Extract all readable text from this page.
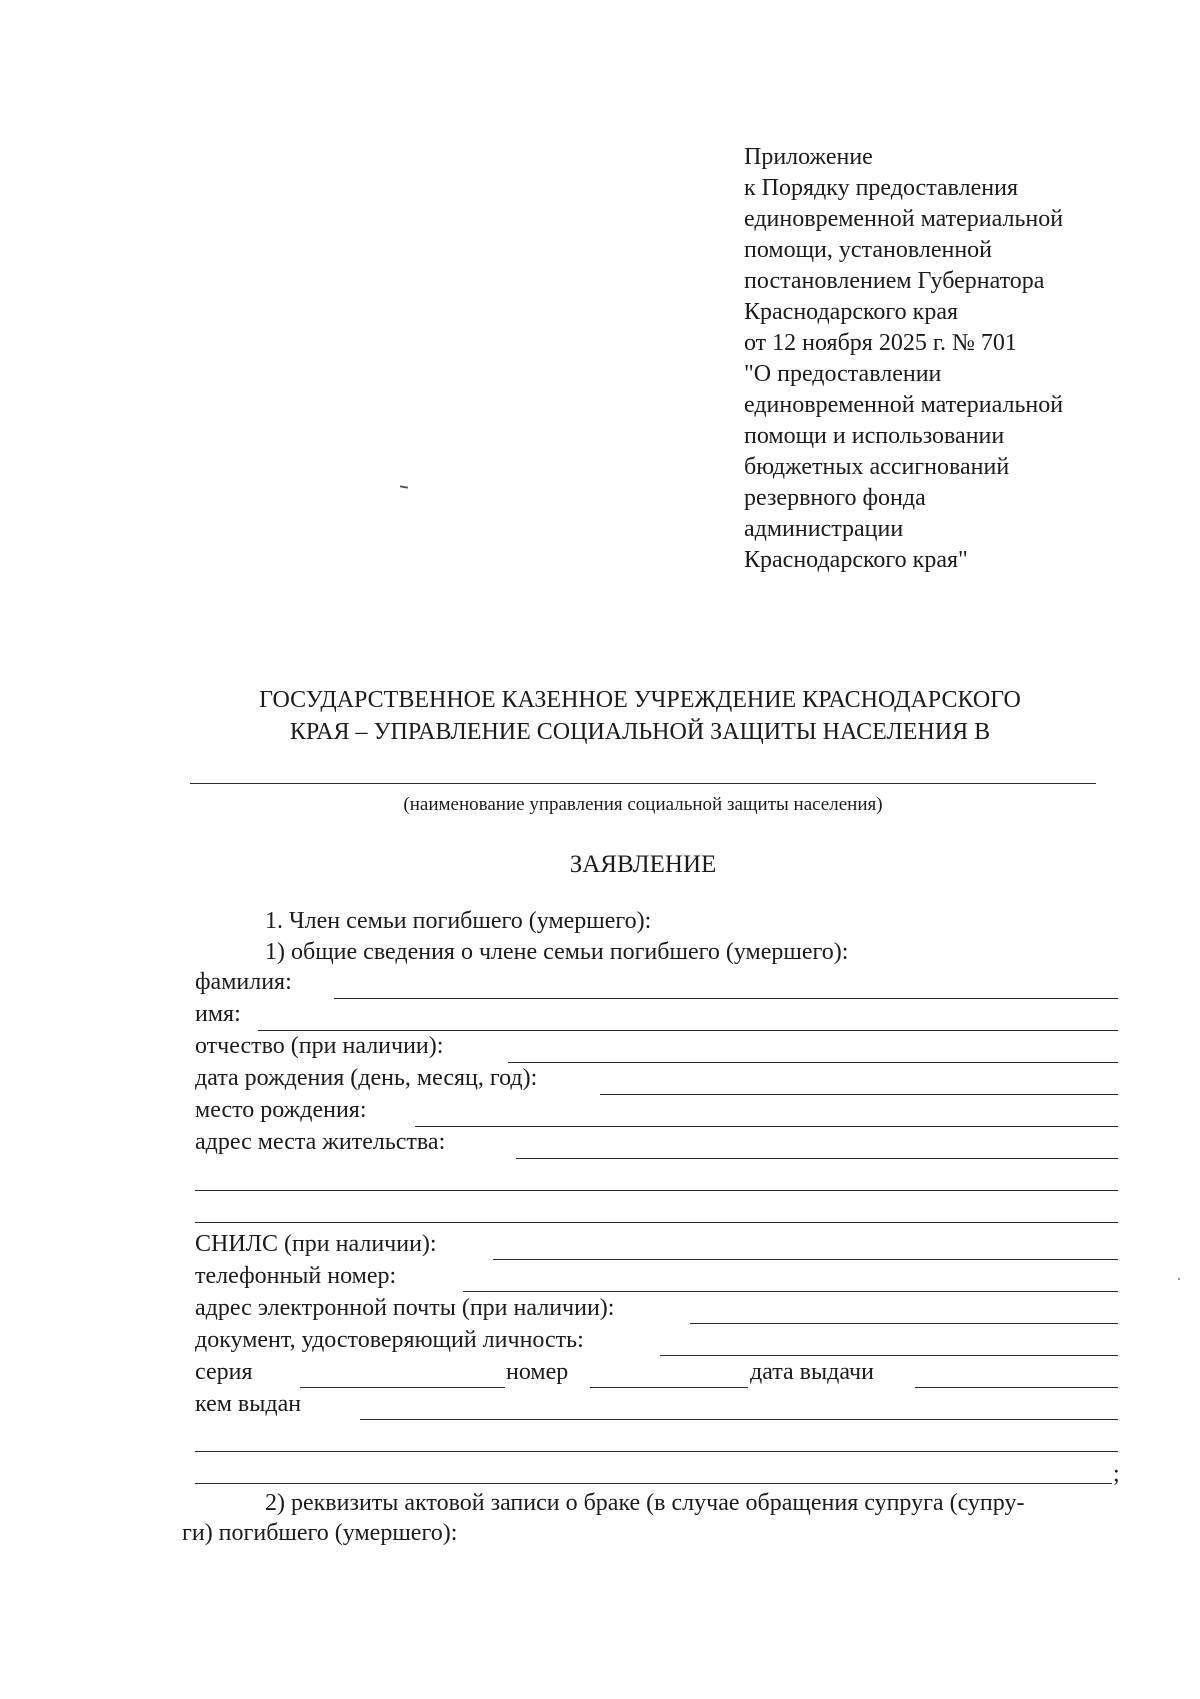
Приложение
к Порядку предоставления
единовременной материальной
помощи, установленной
постановлением Губернатора
Краснодарского края
от 12 ноября 2025 г. № 701
"О предоставлении
единовременной материальной
помощи и использовании
бюджетных ассигнований
резервного фонда
администрации
Краснодарского края"
ГОСУДАРСТВЕННОЕ КАЗЕННОЕ УЧРЕЖДЕНИЕ КРАСНОДАРСКОГО
КРАЯ – УПРАВЛЕНИЕ СОЦИАЛЬНОЙ ЗАЩИТЫ НАСЕЛЕНИЯ В
(наименование управления социальной защиты населения)
ЗАЯВЛЕНИЕ
1. Член семьи погибшего (умершего):
1) общие сведения о члене семьи погибшего (умершего):
фамилия:
имя:
отчество (при наличии):
дата рождения (день, месяц, год):
место рождения:
адрес места жительства:
СНИЛС (при наличии):
телефонный номер:
адрес электронной почты (при наличии):
документ, удостоверяющий личность:
серия	номер	дата выдачи
кем выдан
;
2) реквизиты актовой записи о браке (в случае обращения супруга (супру-
ги) погибшего (умершего):
